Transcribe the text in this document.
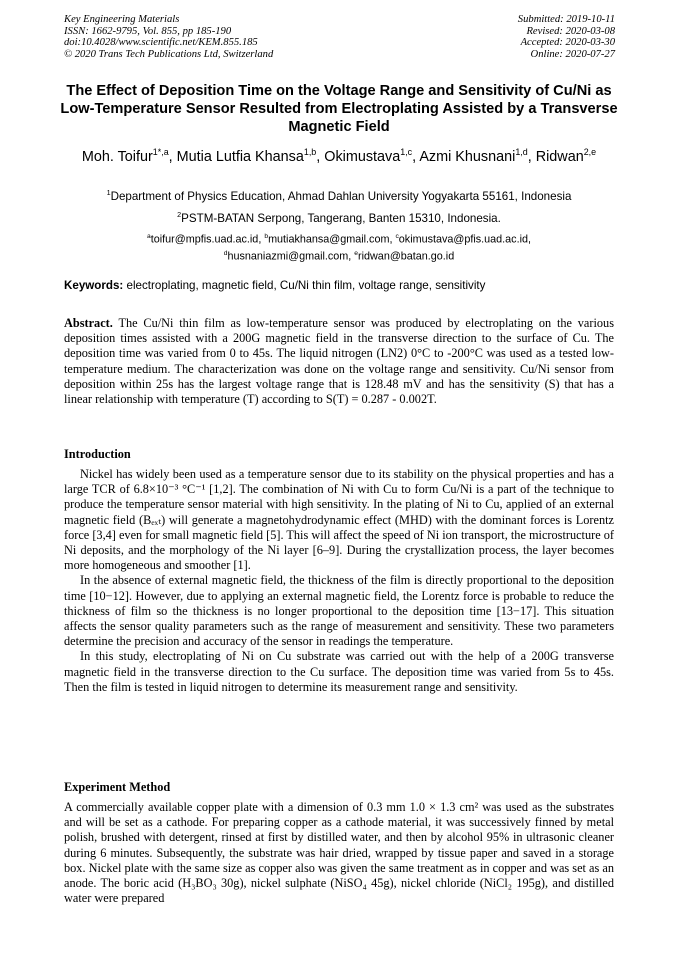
Key Engineering Materials
ISSN: 1662-9795, Vol. 855, pp 185-190
doi:10.4028/www.scientific.net/KEM.855.185
© 2020 Trans Tech Publications Ltd, Switzerland
Submitted: 2019-10-11
Revised: 2020-03-08
Accepted: 2020-03-30
Online: 2020-07-27
The Effect of Deposition Time on the Voltage Range and Sensitivity of Cu/Ni as Low-Temperature Sensor Resulted from Electroplating Assisted by a Transverse Magnetic Field
Moh. Toifur$^{1*,a}$, Mutia Lutfia Khansa$^{1,b}$, Okimustava$^{1,c}$, Azmi Khusnani$^{1,d}$, Ridwan$^{2,e}$
$^1$Department of Physics Education, Ahmad Dahlan University Yogyakarta 55161, Indonesia
$^2$PSTM-BATAN Serpong, Tangerang, Banten 15310, Indonesia.
$^a$toifur@mpfis.uad.ac.id, $^b$mutiakhansa@gmail.com, $^c$okimustava@pfis.uad.ac.id,
$^d$husnaniazmi@gmail.com, $^e$ridwan@batan.go.id
Keywords: electroplating, magnetic field, Cu/Ni thin film, voltage range, sensitivity
Abstract. The Cu/Ni thin film as low-temperature sensor was produced by electroplating on the various deposition times assisted with a 200G magnetic field in the transverse direction to the surface of Cu. The deposition time was varied from 0 to 45s. The liquid nitrogen (LN2) 0°C to -200°C was used as a tested low-temperature medium. The characterization was done on the voltage range and sensitivity. Cu/Ni sensor from deposition within 25s has the largest voltage range that is 128.48 mV and has the sensitivity (S) that has a linear relationship with temperature (T) according to S(T) = 0.287 - 0.002T.
Introduction

Nickel has widely been used as a temperature sensor due to its stability on the physical properties and has a large TCR of 6.8×10⁻³ °C⁻¹ [1,2]. The combination of Ni with Cu to form Cu/Ni is a part of the technique to produce the temperature sensor material with high sensitivity. In the plating of Ni to Cu, applied of an external magnetic field (Bₑₓₜ) will generate a magnetohydrodynamic effect (MHD) with the dominant forces is Lorentz force [3,4] even for small magnetic field [5]. This will affect the speed of Ni ion transport, the microstructure of Ni deposits, and the morphology of the Ni layer [6–9]. During the crystallization process, the layer becomes more homogeneous and smoother [1].

In the absence of external magnetic field, the thickness of the film is directly proportional to the deposition time [10−12]. However, due to applying an external magnetic field, the Lorentz force is probable to reduce the thickness of film so the thickness is no longer proportional to the deposition time [13−17]. This situation affects the sensor quality parameters such as the range of measurement and sensitivity. These two parameters determine the precision and accuracy of the sensor in readings the temperature.

In this study, electroplating of Ni on Cu substrate was carried out with the help of a 200G transverse magnetic field in the transverse direction to the Cu surface. The deposition time was varied from 5s to 45s. Then the film is tested in liquid nitrogen to determine its measurement range and sensitivity.

Experiment Method

A commercially available copper plate with a dimension of 0.3 mm 1.0 × 1.3 cm² was used as the substrates and will be set as a cathode. For preparing copper as a cathode material, it was successively finned by metal polish, brushed with detergent, rinsed at first by distilled water, and then by alcohol 95% in ultrasonic cleaner during 6 minutes. Subsequently, the substrate was hair dried, wrapped by tissue paper and saved in a storage box. Nickel plate with the same size as copper also was given the same treatment as in copper and was set as an anode. The boric acid (H₃BO₃ 30g), nickel sulphate (NiSO₄ 45g), nickel chloride (NiCl₂ 195g), and distilled water were prepared
